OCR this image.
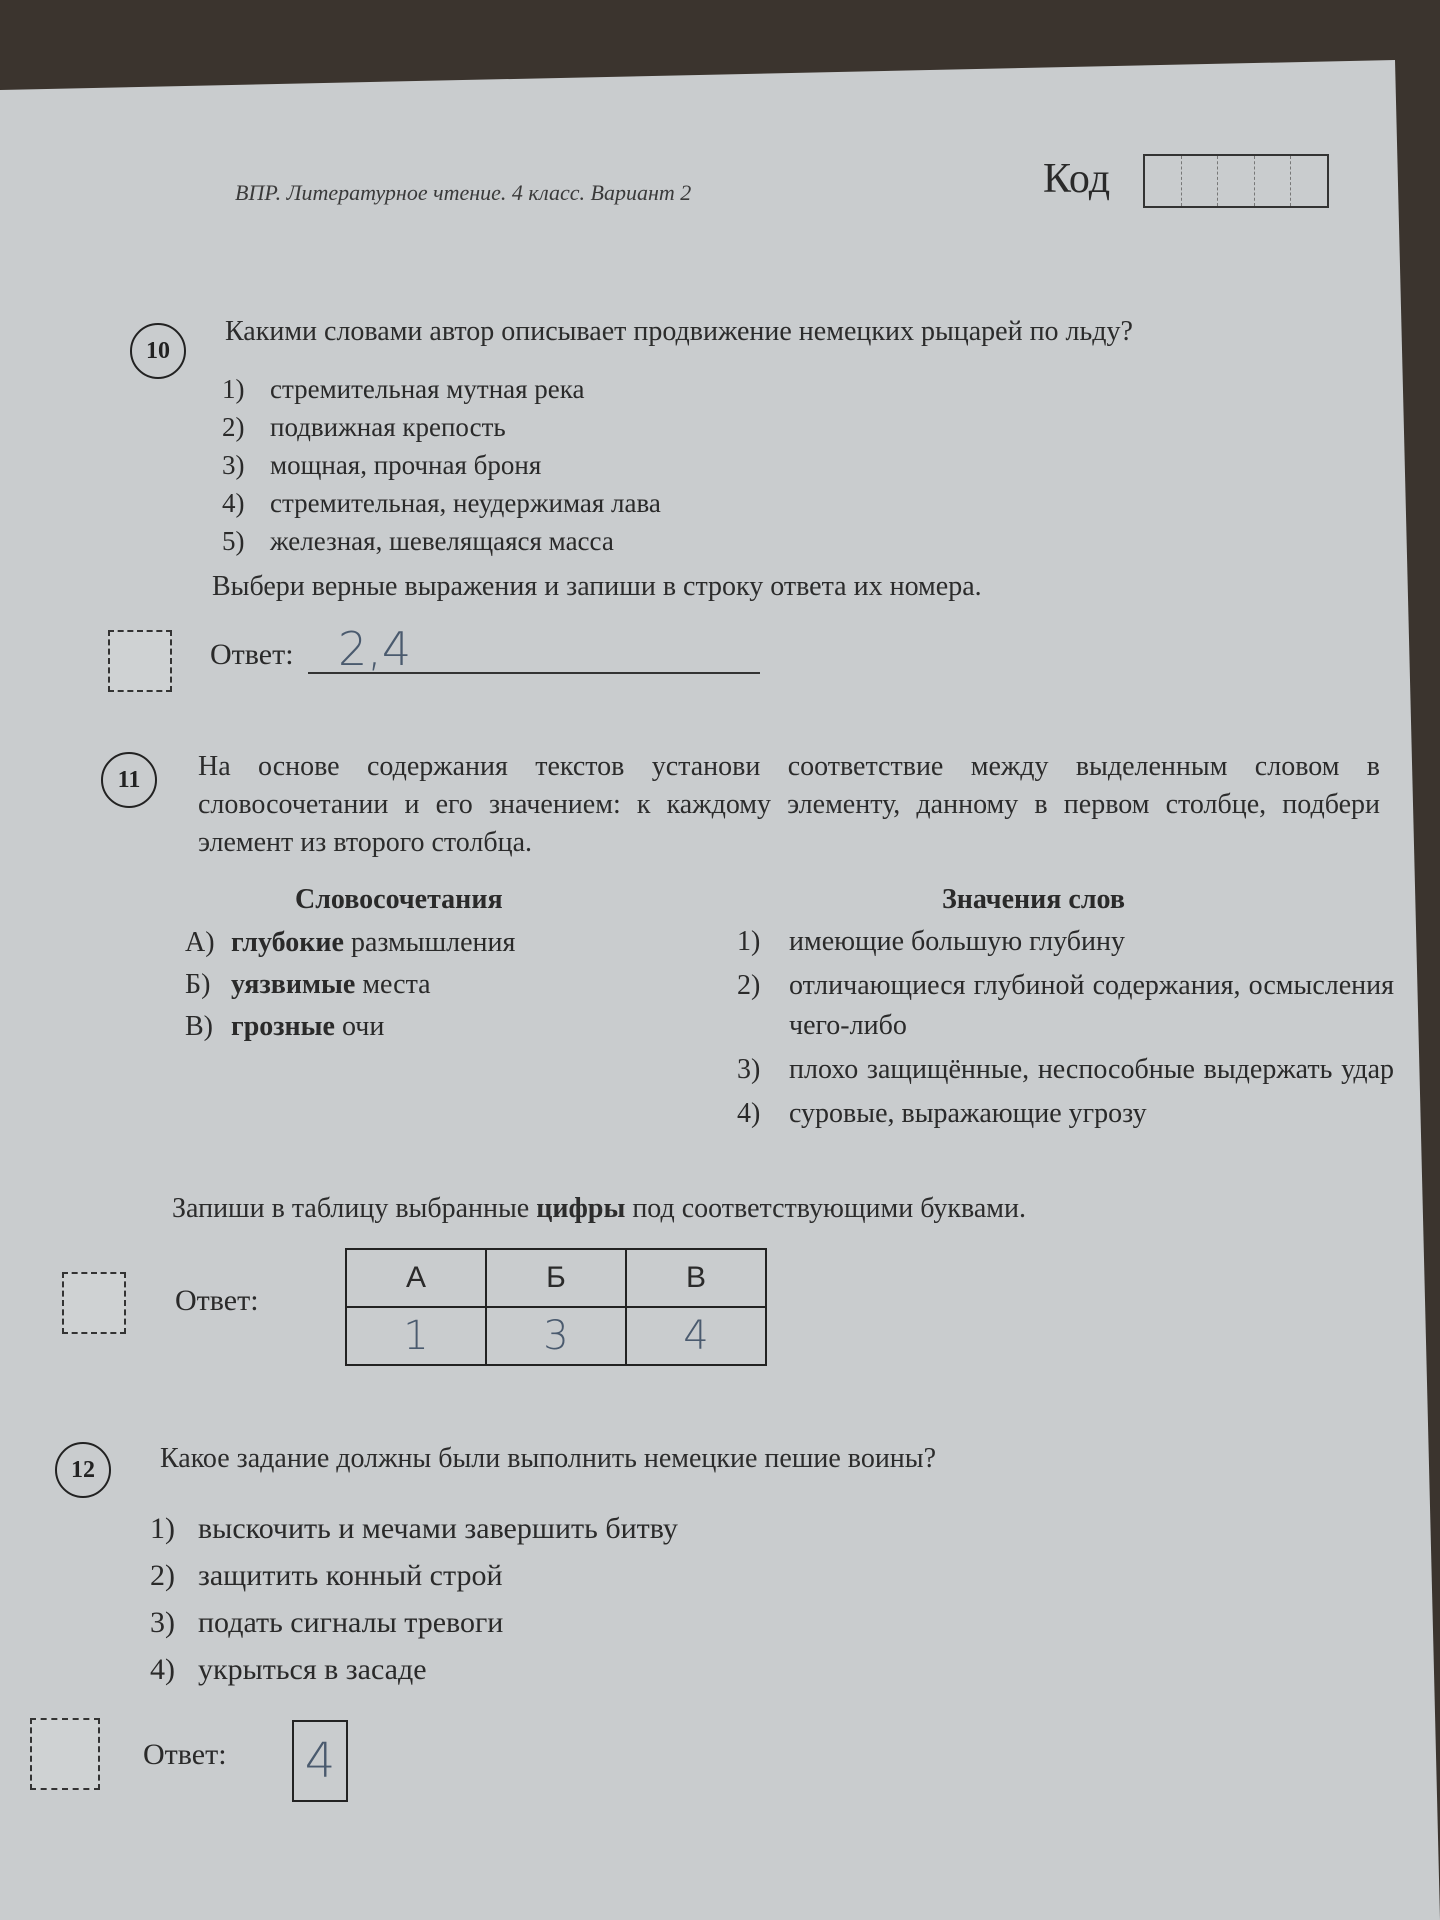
ВПР. Литературное чтение. 4 класс. Вариант 2	Код
10
Какими словами автор описывает продвижение немецких рыцарей по льду?
1) стремительная мутная река
2) подвижная крепость
3) мощная, прочная броня
4) стремительная, неудержимая лава
5) железная, шевелящаяся масса
Выбери верные выражения и запиши в строку ответа их номера.
Ответ: 2,4
11	На основе содержания текстов установи соответствие между выделенным словом в словосочетании и его значением: к каждому элементу, данному в первом столбце, подбери элемент из второго столбца.
Словосочетания	Значения слов
А) глубокие размышления
Б) уязвимые места
В) грозные очи
1)	имеющие большую глубину
2)	отличающиеся глубиной содержания, осмысления чего-либо
3)	плохо защищённые, неспособные выдержать удар
4)	суровые, выражающие угрозу
Запиши в таблицу выбранные цифры под соответствующими буквами.
Ответ:
А	Б	В
1	3	4
12	Какое задание должны были выполнить немецкие пешие воины?
1) выскочить и мечами завершить битву
2) защитить конный строй
3) подать сигналы тревоги
4) укрыться в засаде
Ответ: 4
